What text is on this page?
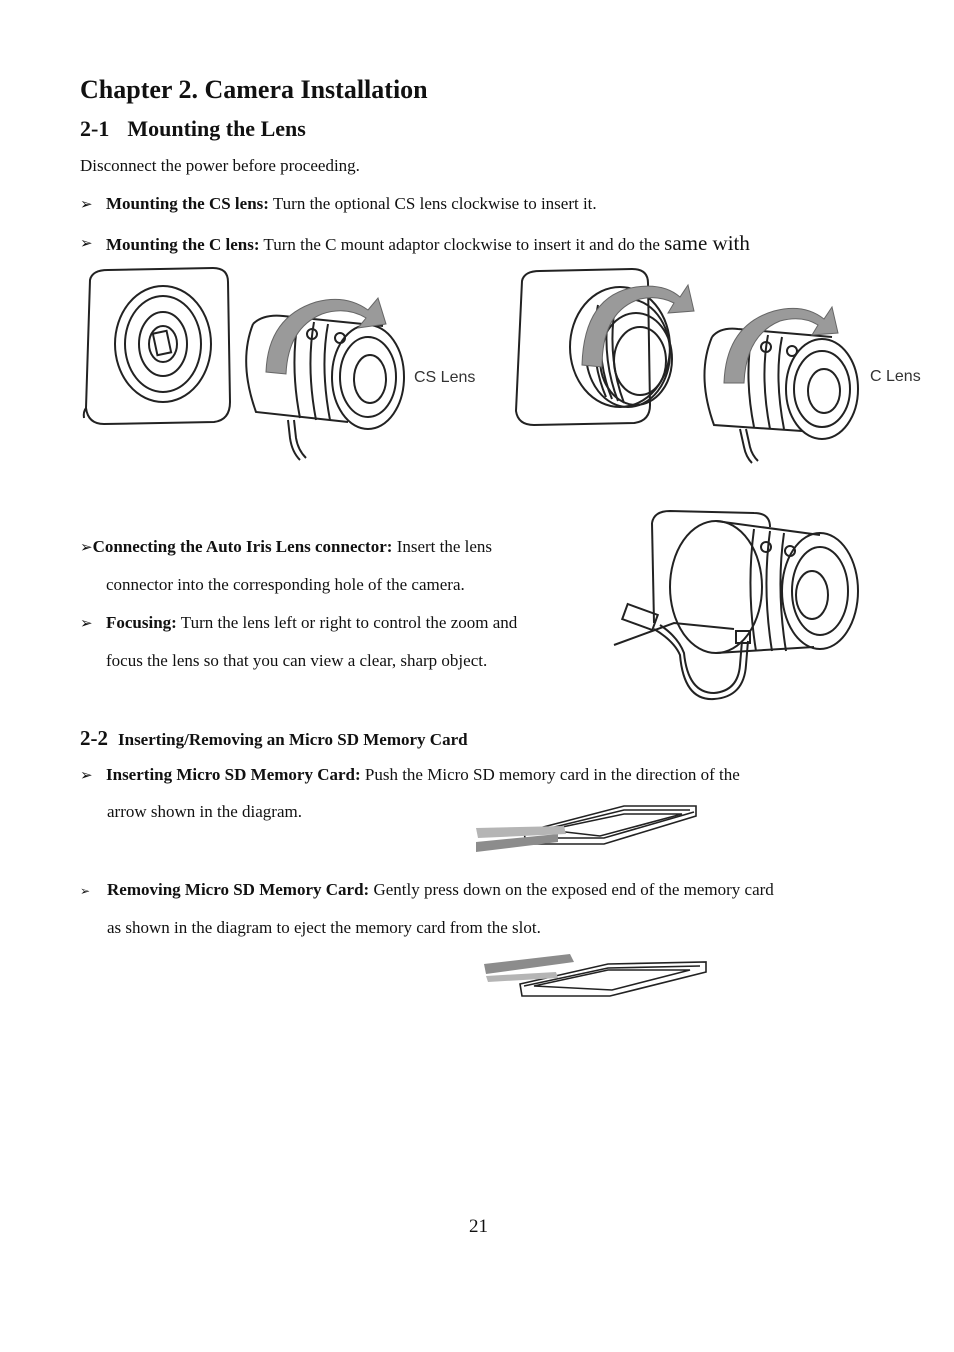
Chapter 2. Camera Installation
2-1 Mounting the Lens
Disconnect the power before proceeding.
➢ Mounting the CS lens: Turn the optional CS lens clockwise to insert it.
➢ Mounting the C lens: Turn the C mount adaptor clockwise to insert it and do the same with
CS Lens	C Lens
➢Connecting the Auto Iris Lens connector: Insert the lens
connector into the corresponding hole of the camera.
➢ Focusing: Turn the lens left or right to control the zoom and
focus the lens so that you can view a clear, sharp object.
2-2 Inserting/Removing an Micro SD Memory Card
➢ Inserting Micro SD Memory Card: Push the Micro SD memory card in the direction of the
arrow shown in the diagram.
➢ Removing Micro SD Memory Card: Gently press down on the exposed end of the memory card
as shown in the diagram to eject the memory card from the slot.
21
